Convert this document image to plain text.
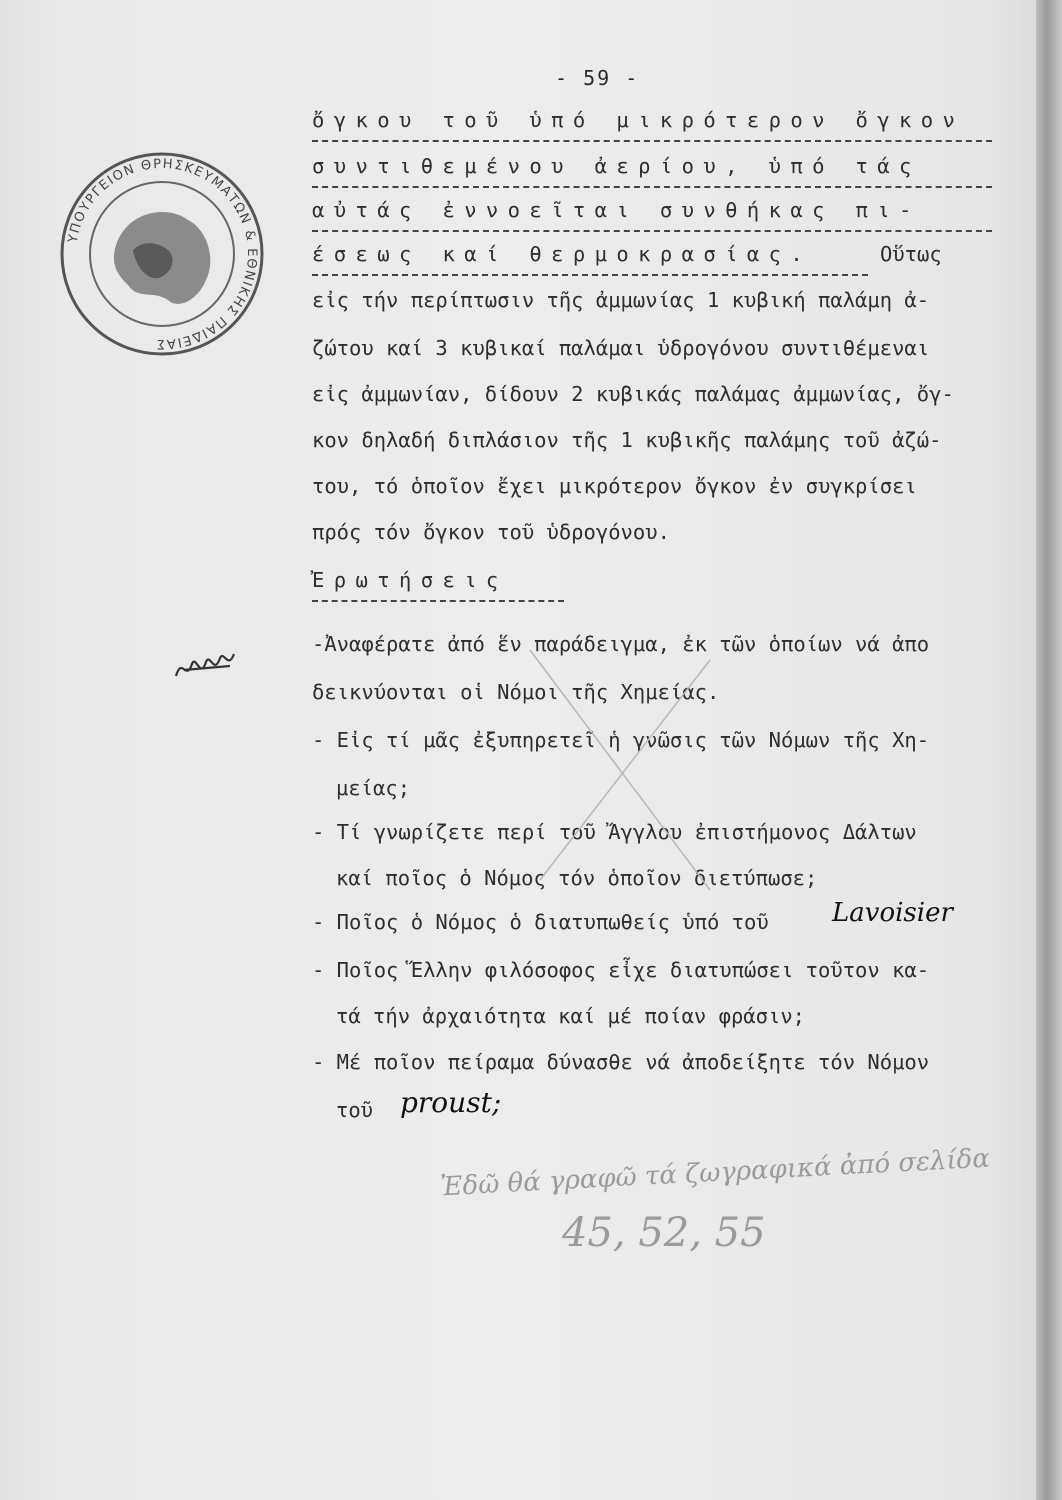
ΥΠΟΥΡΓΕΙΟΝ ΘΡΗΣΚΕΥΜΑΤΩΝ & ΕΘΝΙΚΗΣ ΠΑΙΔΕΙΑΣ
- 59 -
ὄγκου τοῦ ὑπό μικρότερον ὄγκον
συντιθεμένου ἀερίου, ὑπό τάς
αὐτάς ἐννοεῖται συνθήκας πι-
έσεως καί θερμοκρασίας.	Οὕτως
εἰς τήν περίπτωσιν τῆς ἀμμωνίας 1 κυβική παλάμη ἀ-
ζώτου καί 3 κυβικαί παλάμαι ὑδρογόνου συντιθέμεναι
εἰς ἀμμωνίαν, δίδουν 2 κυβικάς παλάμας ἀμμωνίας, ὄγ-
κον δηλαδή διπλάσιον τῆς 1 κυβικῆς παλάμης τοῦ ἀζώ-
του, τό ὁποῖον ἔχει μικρότερον ὄγκον ἐν συγκρίσει
πρός τόν ὄγκον τοῦ ὑδρογόνου.
Ἐρωτήσεις
-Ἀναφέρατε ἀπό ἕν παράδειγμα, ἐκ τῶν ὁποίων νά ἀπο
δεικνύονται οἱ Νόμοι τῆς Χημείας.
- Εἰς τί μᾶς ἐξυπηρετεῖ ἡ γνῶσις τῶν Νόμων τῆς Χη-
μείας;
- Τί γνωρίζετε περί τοῦ Ἄγγλου ἐπιστήμονος Δάλτων
καί ποῖος ὁ Νόμος τόν ὁποῖον διετύπωσε;
- Ποῖος ὁ Νόμος ὁ διατυπωθείς ὑπό τοῦ	Lavoisier
- Ποῖος Ἕλλην φιλόσοφος εἶχε διατυπώσει τοῦτον κα-
τά τήν ἀρχαιότητα καί μέ ποίαν φράσιν;
- Μέ ποῖον πείραμα δύνασθε νά ἀποδείξητε τόν Νόμον
τοῦ proust;
Ἐδῶ θά γραφῶ τά ζωγραφικά ἀπό σελίδα
45, 52, 55
